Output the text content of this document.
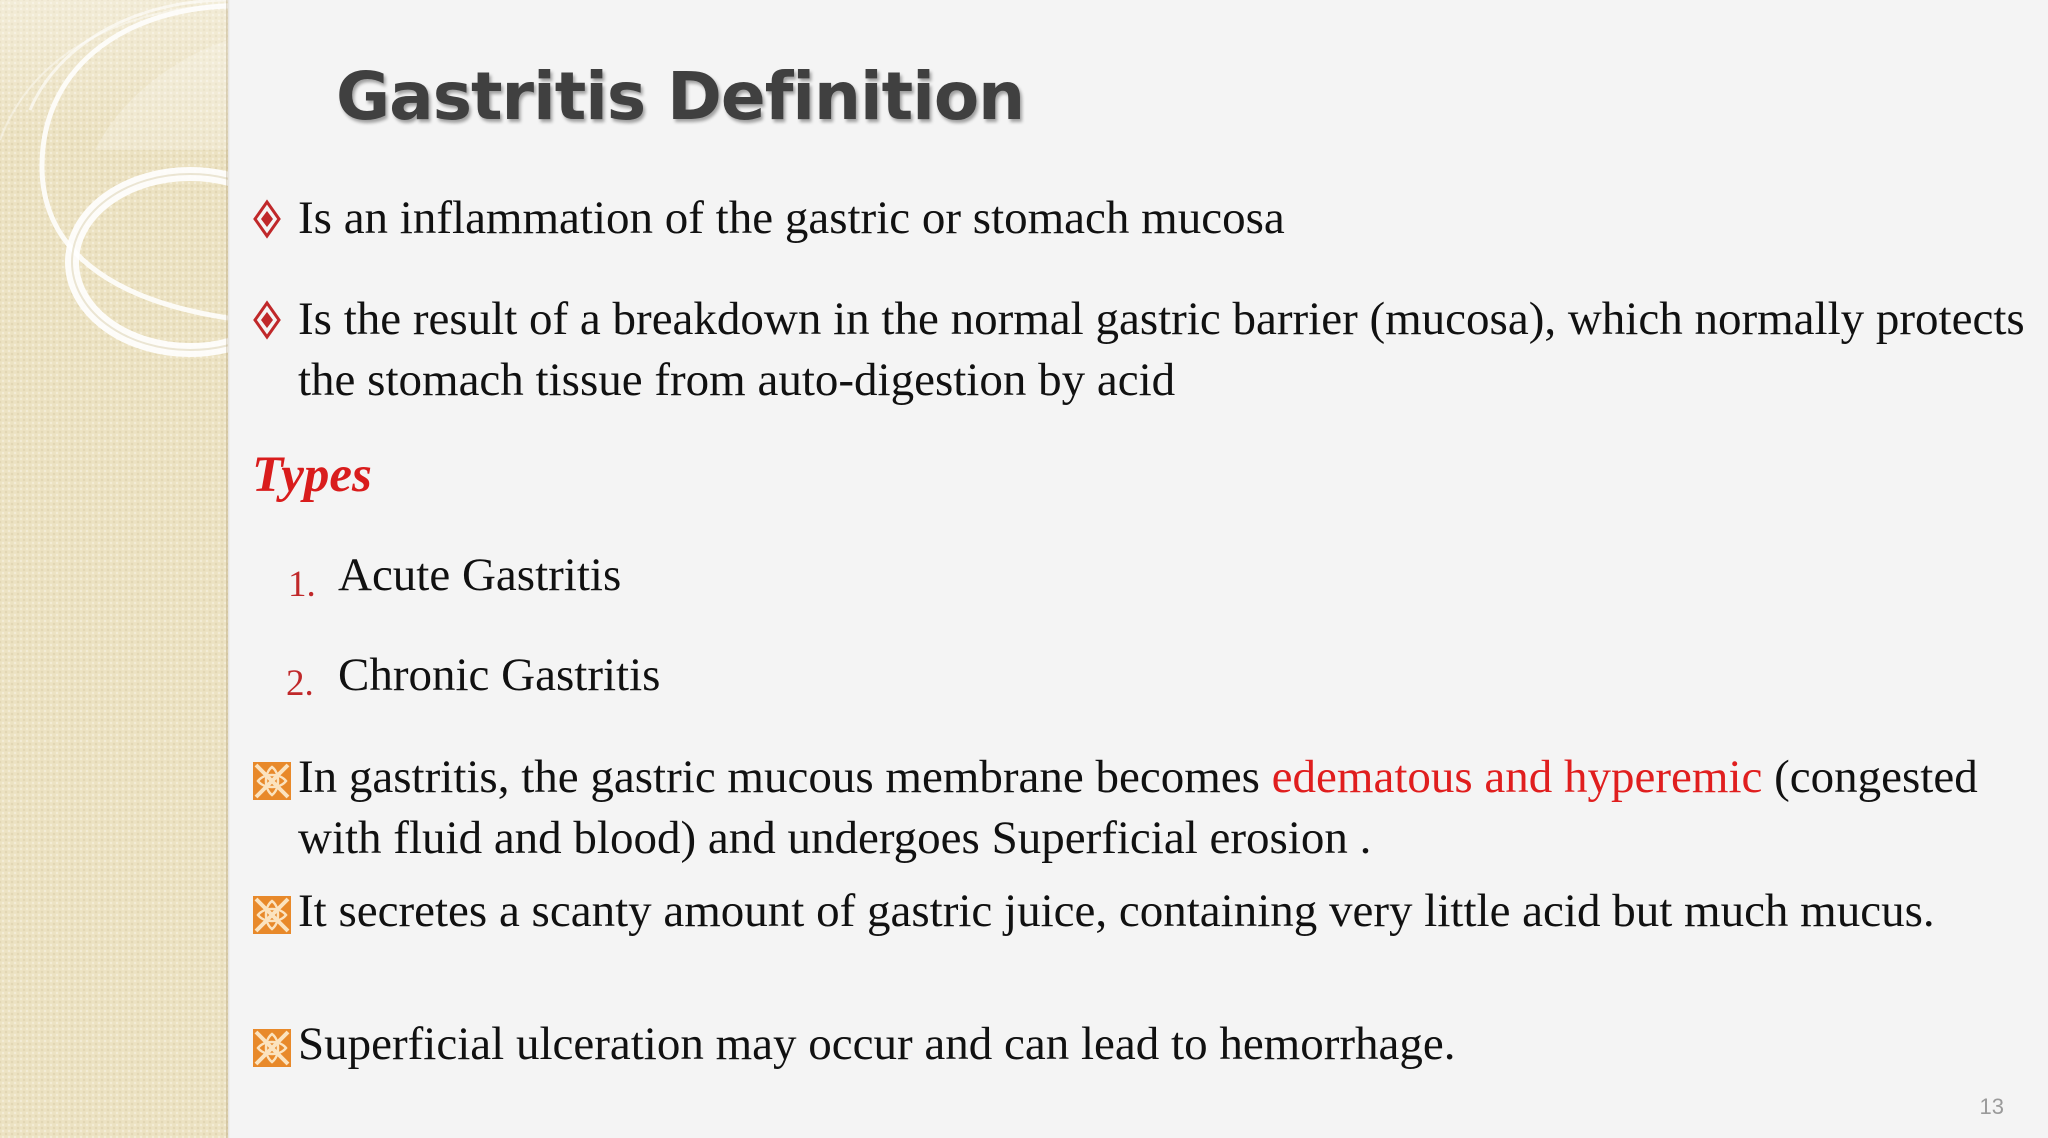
Gastritis Definition
Is an inflammation of the gastric or stomach mucosa
Is the result of a breakdown in the normal gastric barrier (mucosa), which normally protects the stomach tissue from auto-digestion by acid
Types
1. Acute Gastritis
2. Chronic Gastritis
In gastritis, the gastric mucous membrane becomes edematous and hyperemic (congested with fluid and blood) and undergoes Superficial erosion .
It secretes a scanty amount of gastric juice, containing very little acid but much mucus.
Superficial ulceration may occur and can lead to hemorrhage.
13
